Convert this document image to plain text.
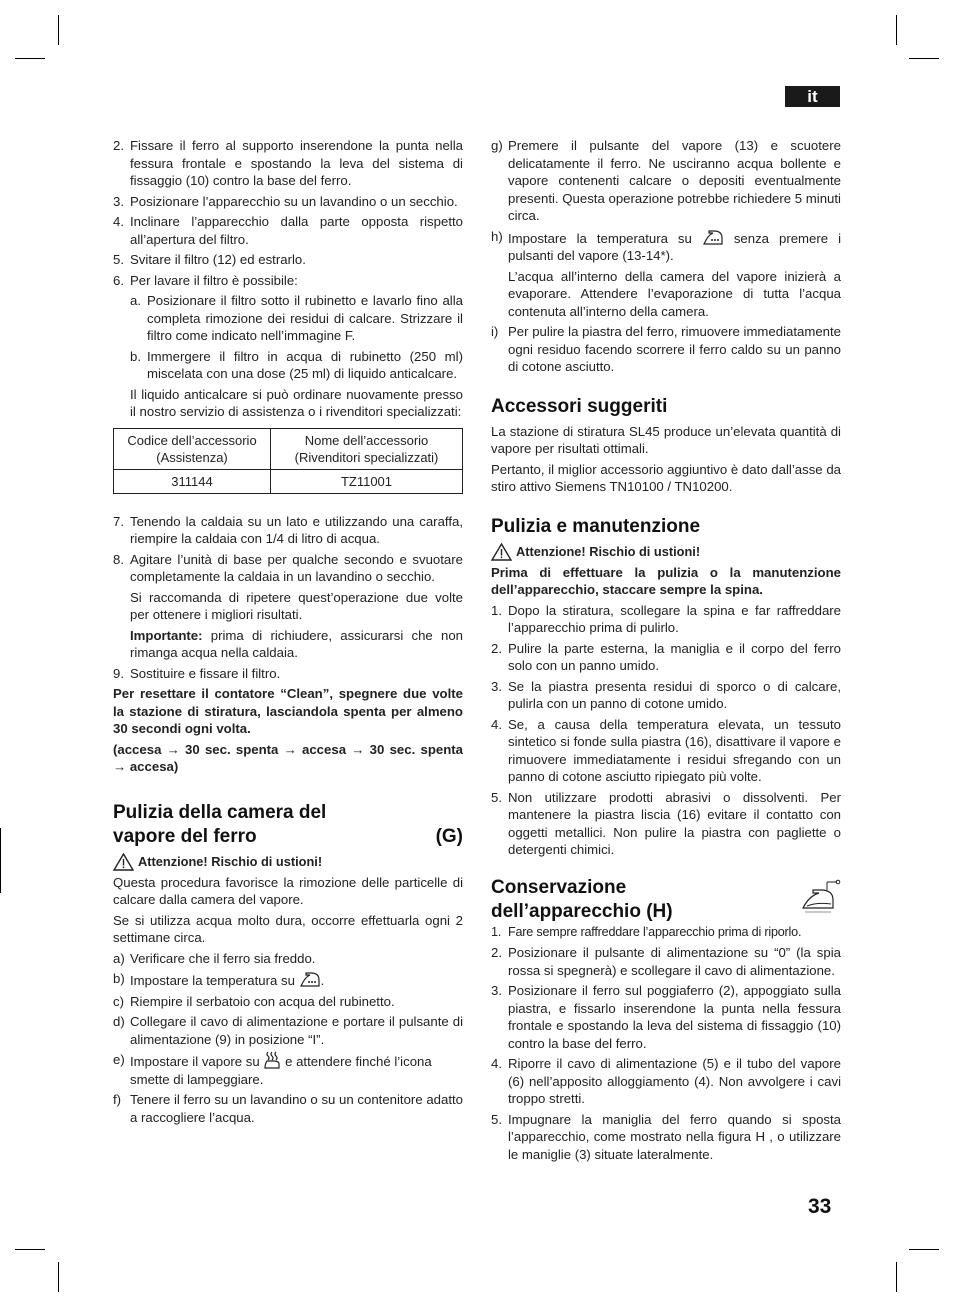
it
2. Fissare il ferro al supporto inserendone la punta nella fessura frontale e spostando la leva del sistema di fissaggio (10) contro la base del ferro.
3. Posizionare l’apparecchio su un lavandino o un secchio.
4. Inclinare l’apparecchio dalla parte opposta rispetto all’apertura del filtro.
5. Svitare il filtro (12) ed estrarlo.
6. Per lavare il filtro è possibile:
a. Posizionare il filtro sotto il rubinetto e lavarlo fino alla completa rimozione dei residui di calcare. Strizzare il filtro come indicato nell’immagine F.
b. Immergere il filtro in acqua di rubinetto (250 ml) miscelata con una dose (25 ml) di liquido anticalcare.

Il liquido anticalcare si può ordinare nuovamente presso il nostro servizio di assistenza o i rivenditori specializzati:

Codice dell’accessorio (Assistenza)	Nome dell’accessorio (Rivenditori specializzati)
311144	TZ11001
7. Tenendo la caldaia su un lato e utilizzando una caraffa, riempire la caldaia con 1/4 di litro di acqua.
8. Agitare l’unità di base per qualche secondo e svuotare completamente la caldaia in un lavandino o secchio.

Si raccomanda di ripetere quest’operazione due volte per ottenere i migliori risultati.

Importante: prima di richiudere, assicurarsi che non rimanga acqua nella caldaia.

9. Sostituire e fissare il filtro.

Per resettare il contatore “Clean”, spegnere due volte la stazione di stiratura, lasciandola spenta per almeno 30 secondi ogni volta.

(accesa → 30 sec. spenta → accesa → 30 sec. spenta → accesa)

Pulizia della camera del
vapore del ferro	(G)
Attenzione! Rischio di ustioni!

Questa procedura favorisce la rimozione delle particelle di calcare dalla camera del vapore.

Se si utilizza acqua molto dura, occorre effettuarla ogni 2 settimane circa.

a) Verificare che il ferro sia freddo.
b) Impostare la temperatura su .
c) Riempire il serbatoio con acqua del rubinetto.
d) Collegare il cavo di alimentazione e portare il pulsante di alimentazione (9) in posizione “I”.
e) Impostare il vapore su  e attendere finché l’icona smette di lampeggiare.
f) Tenere il ferro su un lavandino o su un contenitore adatto a raccogliere l’acqua.
g) Premere il pulsante del vapore (13) e scuotere delicatamente il ferro. Ne usciranno acqua bollente e vapore contenenti calcare o depositi eventualmente presenti. Questa operazione potrebbe richiedere 5 minuti circa.
h) Impostare la temperatura su  senza premere i pulsanti del vapore (13-14*).

L’acqua all’interno della camera del vapore inizierà a evaporare. Attendere l’evaporazione di tutta l’acqua contenuta all’interno della camera.

i) Per pulire la piastra del ferro, rimuovere immediatamente ogni residuo facendo scorrere il ferro caldo su un panno di cotone asciutto.
Accessori suggeriti

La stazione di stiratura SL45 produce un’elevata quantità di vapore per risultati ottimali.

Pertanto, il miglior accessorio aggiuntivo è dato dall’asse da stiro attivo Siemens TN10100 / TN10200.

Pulizia e manutenzione
Attenzione! Rischio di ustioni!

Prima di effettuare la pulizia o la manutenzione dell’apparecchio, staccare sempre la spina.

1. Dopo la stiratura, scollegare la spina e far raffreddare l’apparecchio prima di pulirlo.
2. Pulire la parte esterna, la maniglia e il corpo del ferro solo con un panno umido.
3. Se la piastra presenta residui di sporco o di calcare, pulirla con un panno di cotone umido.
4. Se, a causa della temperatura elevata, un tessuto sintetico si fonde sulla piastra (16), disattivare il vapore e rimuovere immediatamente i residui sfregando con un panno di cotone asciutto ripiegato più volte.
5. Non utilizzare prodotti abrasivi o dissolventi. Per mantenere la piastra liscia (16) evitare il contatto con oggetti metallici. Non pulire la piastra con pagliette o detergenti chimici.
Conservazione
dell’apparecchio (H)
1. Fare sempre raffreddare l’apparecchio prima di riporlo.
2. Posizionare il pulsante di alimentazione su “0” (la spia rossa si spegnerà) e scollegare il cavo di alimentazione.
3. Posizionare il ferro sul poggiaferro (2), appoggiato sulla piastra, e fissarlo inserendone la punta nella fessura frontale e spostando la leva del sistema di fissaggio (10) contro la base del ferro.
4. Riporre il cavo di alimentazione (5) e il tubo del vapore (6) nell’apposito alloggiamento (4). Non avvolgere i cavi troppo stretti.
5. Impugnare la maniglia del ferro quando si sposta l’apparecchio, come mostrato nella figura H , o utilizzare le maniglie (3) situate lateralmente.
33
